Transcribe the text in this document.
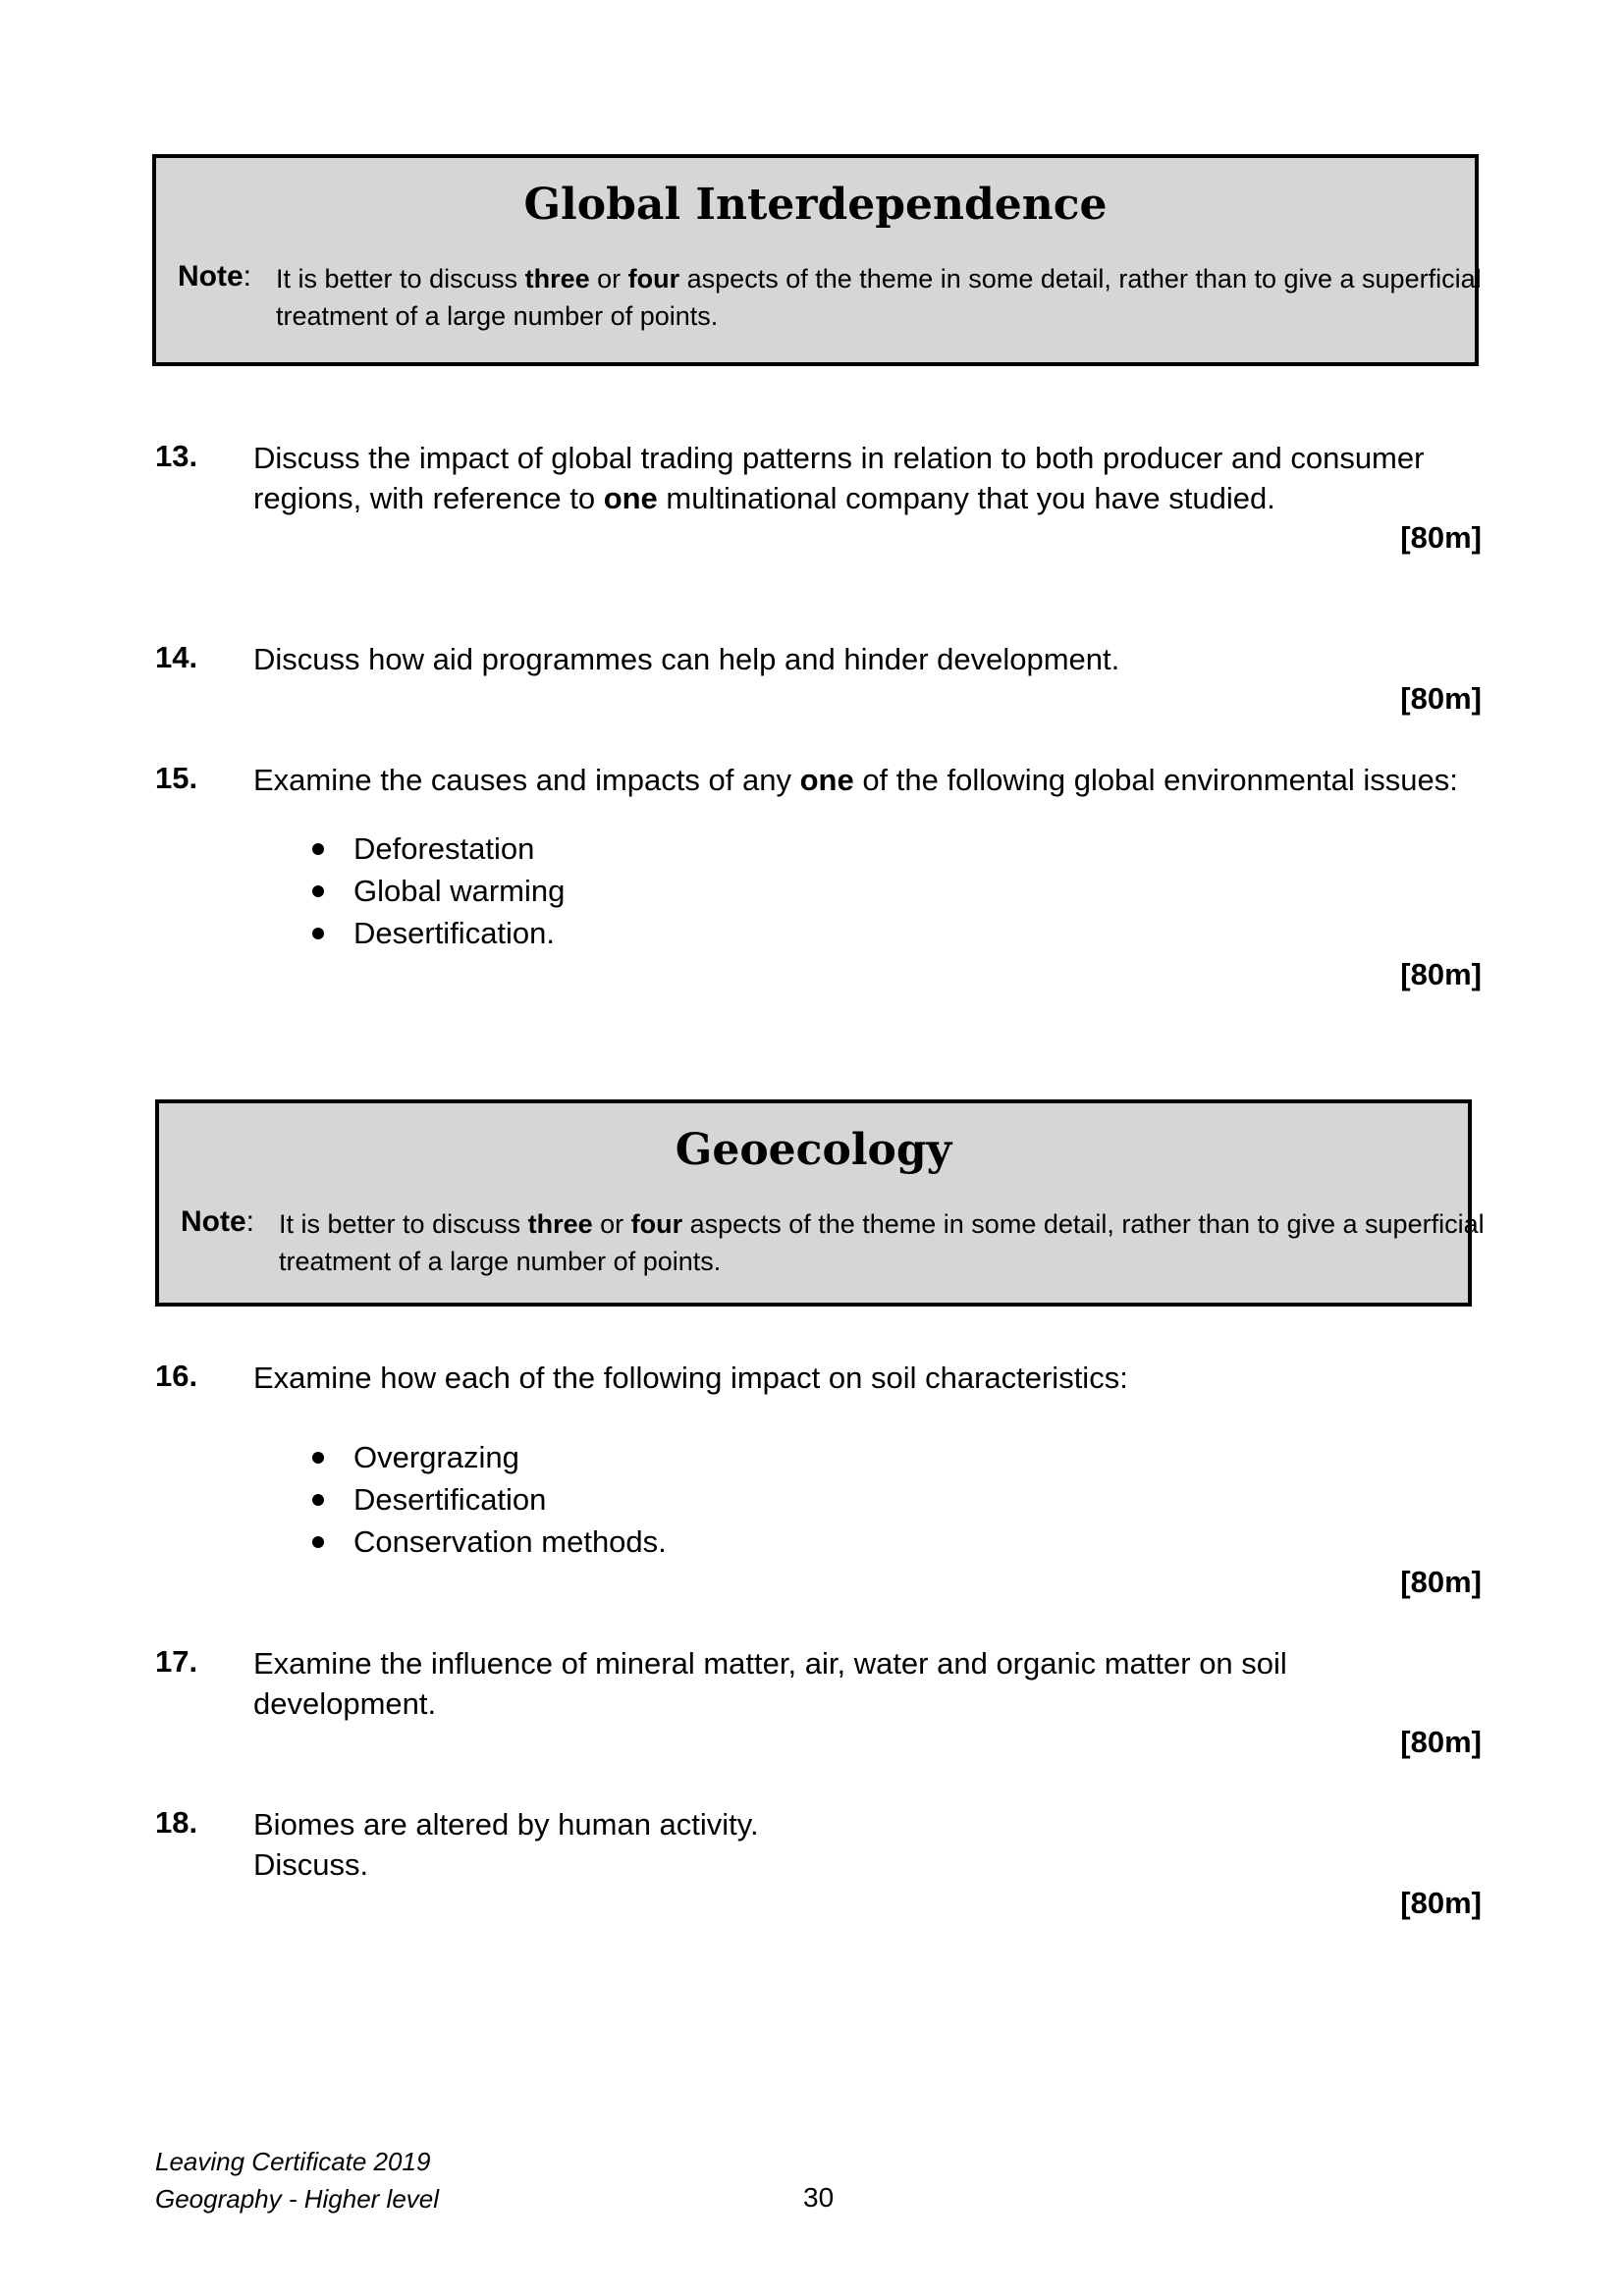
Global Interdependence
Note: It is better to discuss three or four aspects of the theme in some detail, rather than to give a superficial treatment of a large number of points.
13. Discuss the impact of global trading patterns in relation to both producer and consumer regions, with reference to one multinational company that you have studied.
[80m]
14. Discuss how aid programmes can help and hinder development.
[80m]
15. Examine the causes and impacts of any one of the following global environmental issues:
Deforestation
Global warming
Desertification.
[80m]
Geoecology
Note: It is better to discuss three or four aspects of the theme in some detail, rather than to give a superficial treatment of a large number of points.
16. Examine how each of the following impact on soil characteristics:
Overgrazing
Desertification
Conservation methods.
[80m]
17. Examine the influence of mineral matter, air, water and organic matter on soil development.
[80m]
18. Biomes are altered by human activity.
Discuss.
[80m]
Leaving Certificate 2019
Geography - Higher level	30
